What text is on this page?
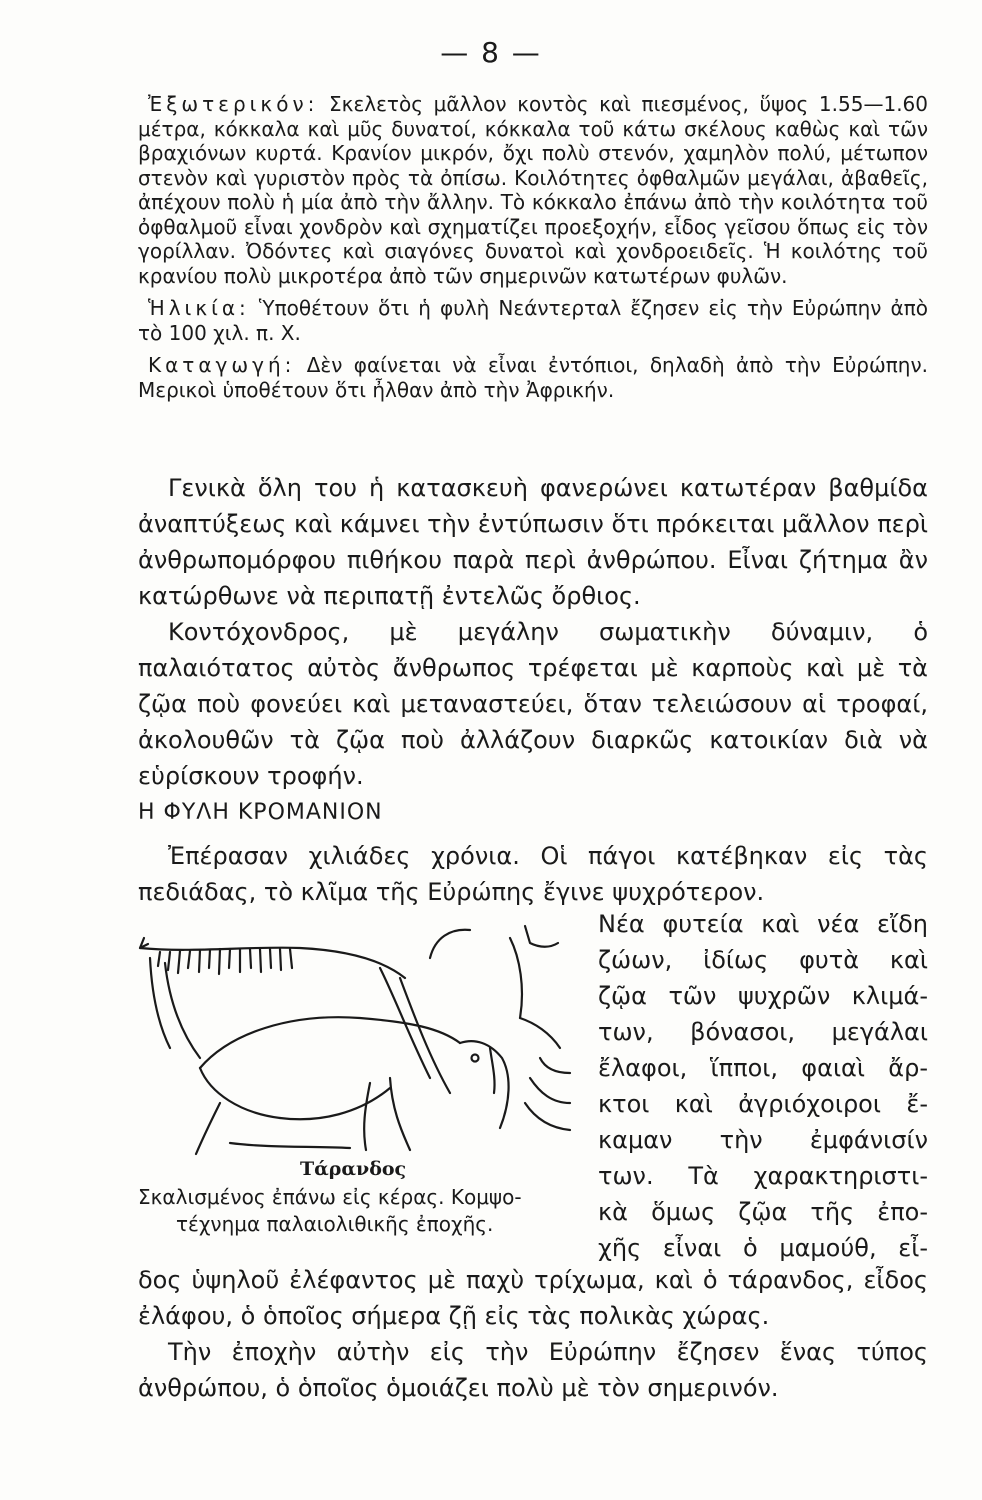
— 8 —

Ἐξωτερικόν: Σκελετὸς μᾶλλον κοντὸς καὶ πιεσμένος, ὕψος 1.55—1.60 μέτρα, κόκκαλα καὶ μῦς δυνατοί, κόκκαλα τοῦ κάτω σκέλους καθὼς καὶ τῶν βραχιόνων κυρτά. Κρανίον μικρόν, ὄχι πολὺ στενόν, χαμηλὸν πολύ, μέτωπον στενὸν καὶ γυριστὸν πρὸς τὰ ὀπίσω. Κοιλότητες ὀφθαλμῶν μεγάλαι, ἀβαθεῖς, ἀπέχουν πολὺ ἡ μία ἀπὸ τὴν ἄλλην. Τὸ κόκκαλο ἐπάνω ἀπὸ τὴν κοιλότητα τοῦ ὀφθαλμοῦ εἶναι χονδρὸν καὶ σχηματίζει προεξοχήν, εἶδος γεῖσου ὅπως εἰς τὸν γορίλλαν. Ὀδόντες καὶ σιαγόνες δυνατοὶ καὶ χονδροειδεῖς. Ἡ κοιλότης τοῦ κρανίου πολὺ μικροτέρα ἀπὸ τῶν σημερινῶν κατωτέρων φυλῶν.

Ἡλικία: Ὑποθέτουν ὅτι ἡ φυλὴ Νεάντερταλ ἔζησεν εἰς τὴν Εὐρώπην ἀπὸ τὸ 100 χιλ. π. Χ.

Καταγωγή: Δὲν φαίνεται νὰ εἶναι ἐντόπιοι, δηλαδὴ ἀπὸ τὴν Εὐρώπην. Μερικοὶ ὑποθέτουν ὅτι ἦλθαν ἀπὸ τὴν Ἀφρικήν.

Γενικὰ ὅλη του ἡ κατασκευὴ φανερώνει κατωτέραν βαθμίδα ἀναπτύξεως καὶ κάμνει τὴν ἐντύπωσιν ὅτι πρόκειται μᾶλλον περὶ ἀνθρωπομόρφου πιθήκου παρὰ περὶ ἀνθρώπου. Εἶναι ζήτημα ἂν κατώρθωνε νὰ περιπατῇ ἐντελῶς ὄρθιος.

Κοντόχονδρος, μὲ μεγάλην σωματικὴν δύναμιν, ὁ παλαιότατος αὐτὸς ἄνθρωπος τρέφεται μὲ καρποὺς καὶ μὲ τὰ ζῷα ποὺ φονεύει καὶ μεταναστεύει, ὅταν τελειώσουν αἱ τροφαί, ἀκολουθῶν τὰ ζῷα ποὺ ἀλλάζουν διαρκῶς κατοικίαν διὰ νὰ εὑρίσκουν τροφήν.

Η ΦΥΛΗ ΚΡΟΜΑΝΙΟΝ

Ἐπέρασαν χιλιάδες χρόνια. Οἱ πάγοι κατέβηκαν εἰς τὰς πεδιάδας, τὸ κλῖμα τῆς Εὐρώπης ἔγινε ψυχρότερον.

Τάρανδος
Σκαλισμένος ἐπάνω εἰς κέρας. Κομψο-
τέχνημα παλαιολιθικῆς ἐποχῆς.
Νέα φυτεία καὶ νέα εἴδη
ζώων, ἰδίως φυτὰ καὶ
ζῷα τῶν ψυχρῶν κλιμά-
των, βόνασοι, μεγάλαι
ἔλαφοι, ἵπποι, φαιαὶ ἄρ-
κτοι καὶ ἀγριόχοιροι ἔ-
καμαν τὴν ἐμφάνισίν
των. Τὰ χαρακτηριστι-
κὰ ὅμως ζῷα τῆς ἐπο-
χῆς εἶναι ὁ μαμούθ, εἶ-

δος ὑψηλοῦ ἐλέφαντος μὲ παχὺ τρίχωμα, καὶ ὁ τάρανδος, εἶδος ἐλάφου, ὁ ὁποῖος σήμερα ζῇ εἰς τὰς πολικὰς χώρας.

Τὴν ἐποχὴν αὐτὴν εἰς τὴν Εὐρώπην ἔζησεν ἕνας τύπος ἀνθρώπου, ὁ ὁποῖος ὁμοιάζει πολὺ μὲ τὸν σημερινόν.
